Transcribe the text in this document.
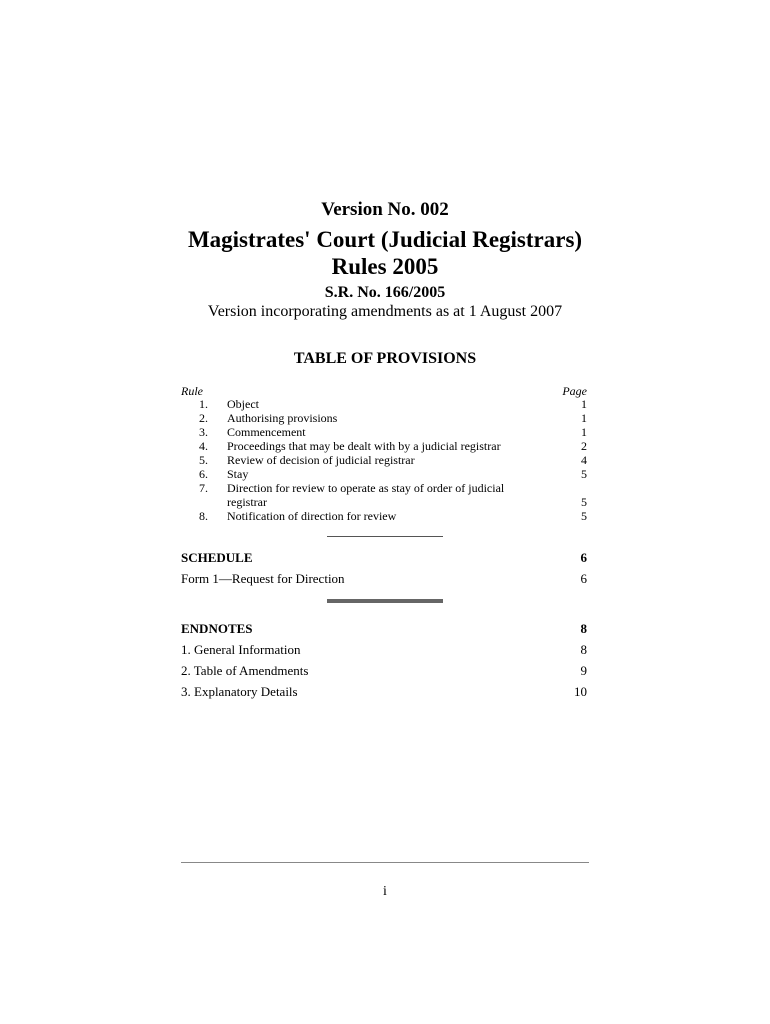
Version No. 002
Magistrates' Court (Judicial Registrars)
Rules 2005
S.R. No. 166/2005
Version incorporating amendments as at 1 August 2007
TABLE OF PROVISIONS
Rule	Page
1. Object	1
2. Authorising provisions	1
3. Commencement	1
4. Proceedings that may be dealt with by a judicial registrar	2
5. Review of decision of judicial registrar	4
6. Stay	5
7. Direction for review to operate as stay of order of judicial registrar	5
8. Notification of direction for review	5
SCHEDULE	6
Form 1—Request for Direction	6
ENDNOTES	8
1. General Information	8
2. Table of Amendments	9
3. Explanatory Details	10
i
